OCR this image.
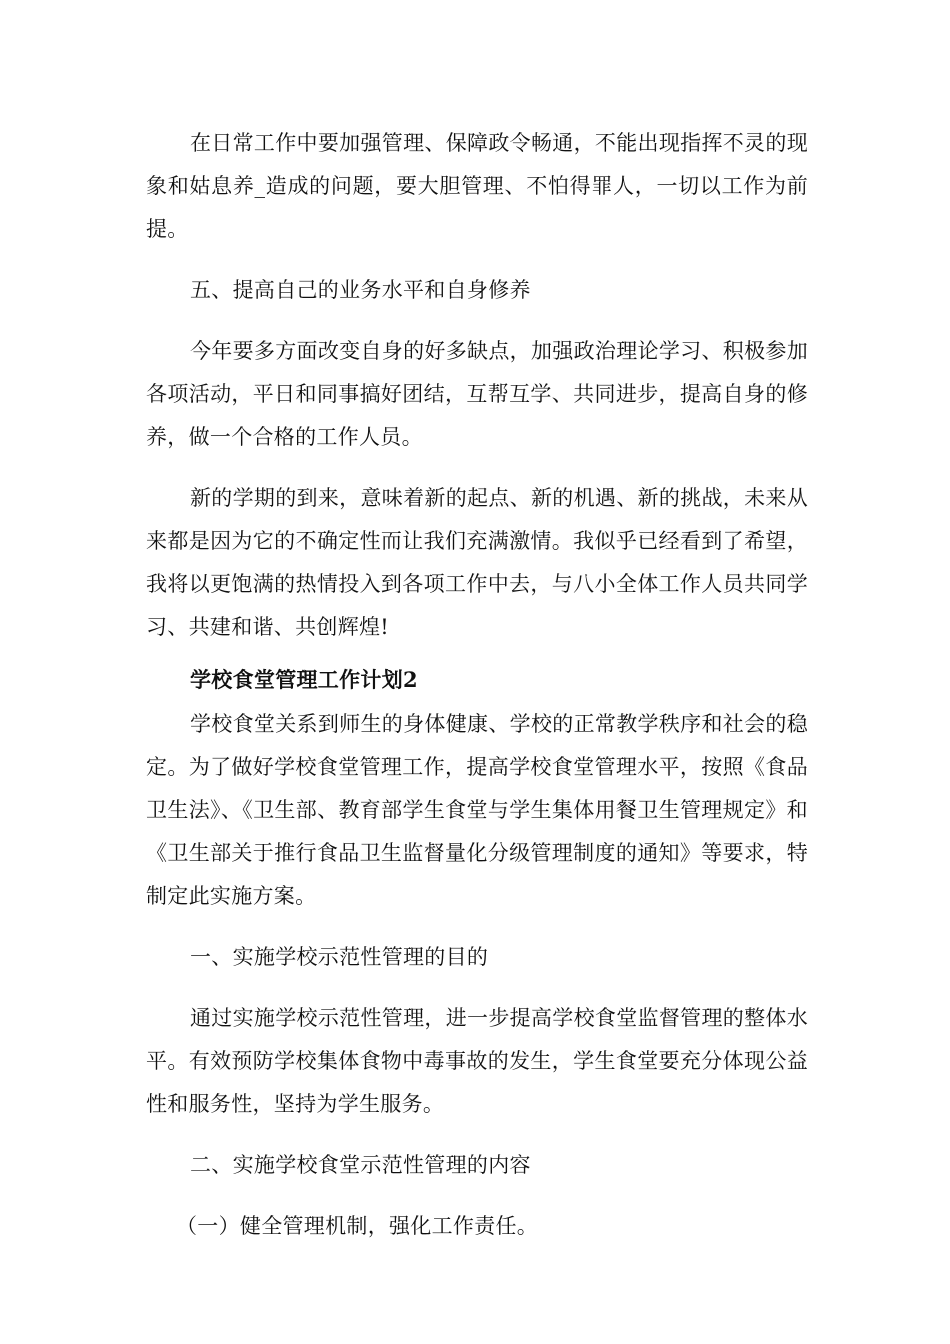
在日常工作中要加强管理、保障政令畅通，不能出现指挥不灵的现象和姑息养_造成的问题，要大胆管理、不怕得罪人，一切以工作为前提。

五、提高自己的业务水平和自身修养

今年要多方面改变自身的好多缺点，加强政治理论学习、积极参加各项活动，平日和同事搞好团结，互帮互学、共同进步，提高自身的修养，做一个合格的工作人员。

新的学期的到来，意味着新的起点、新的机遇、新的挑战，未来从来都是因为它的不确定性而让我们充满激情。我似乎已经看到了希望，我将以更饱满的热情投入到各项工作中去，与八小全体工作人员共同学习、共建和谐、共创辉煌!

学校食堂管理工作计划2

学校食堂关系到师生的身体健康、学校的正常教学秩序和社会的稳定。为了做好学校食堂管理工作，提高学校食堂管理水平，按照《食品卫生法》、《卫生部、教育部学生食堂与学生集体用餐卫生管理规定》和《卫生部关于推行食品卫生监督量化分级管理制度的通知》等要求，特制定此实施方案。

一、实施学校示范性管理的目的

通过实施学校示范性管理，进一步提高学校食堂监督管理的整体水平。有效预防学校集体食物中毒事故的发生，学生食堂要充分体现公益性和服务性，坚持为学生服务。

二、实施学校食堂示范性管理的内容

（一）健全管理机制，强化工作责任。
